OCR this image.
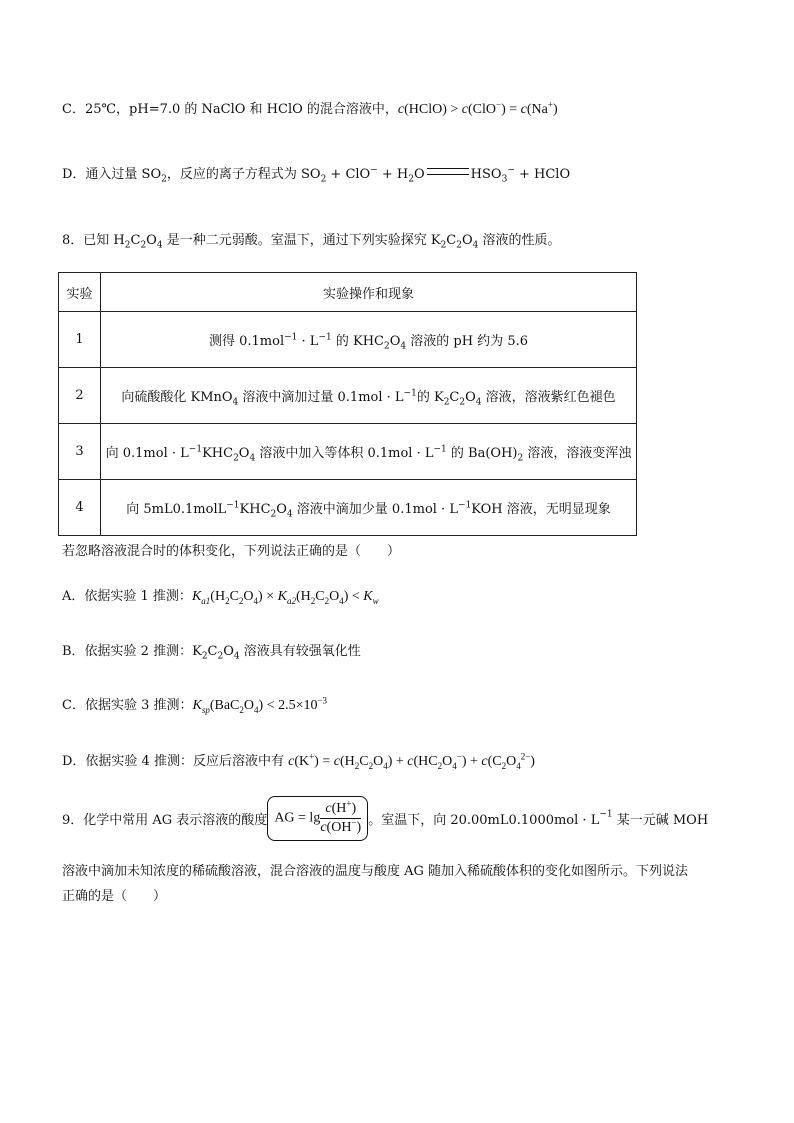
C．25℃，pH=7.0 的 NaClO 和 HClO 的混合溶液中，c(HClO) > c(ClO−) = c(Na+)
D．通入过量 $SO_2$，反应的离子方程式为 $SO_2 + ClO^- + H_2O$	$HSO_3^-$ + HClO
8．已知 $H_2C_2O_4$ 是一种二元弱酸。室温下，通过下列实验探究 $K_2C_2O_4$ 溶液的性质。
实验	实验操作和现象
1	测得 $0.1mol^{-1} \cdot L^{-1}$ 的 $KHC_2O_4$ 溶液的 pH 约为 5.6
2	向硫酸酸化 KMnO$_4$ 溶液中滴加过量 $0.1mol \cdot L^{-1}$的 $K_2C_2O_4$ 溶液，溶液紫红色褪色
3	向 $0.1mol \cdot L^{-1}KHC_2O_4$ 溶液中加入等体积 $0.1mol \cdot L^{-1}$ 的 $Ba(OH)_2$ 溶液，溶液变浑浊
4	向 $5mL0.1molL^{-1}KHC_2O_4$ 溶液中滴加少量 $0.1mol \cdot L^{-1}KOH$ 溶液，无明显现象
若忽略溶液混合时的体积变化，下列说法正确的是（　　）
A．依据实验 1 推测：$K_{a1}(H_2C_2O_4) \times K_{a2}(H_2C_2O_4) < K_w$
B．依据实验 2 推测：$K_2C_2O_4$ 溶液具有较强氧化性
C．依据实验 3 推测：$K_{sp}(BaC_2O_4) < 2.5\times 10^{-3}$
D．依据实验 4 推测：反应后溶液中有 $c(K^+) = c(H_2C_2O_4) + c(HC_2O_4^-) + c(C_2O_4^{2-})$
9．化学中常用 AG 表示溶液的酸度 AG = $\lg \frac{c(H^+)}{c(OH^-)}$ 。室温下，向 $20.00mL0.1000mol \cdot L^{-1}$ 某一元碱 MOH
溶液中滴加未知浓度的稀硫酸溶液，混合溶液的温度与酸度 AG 随加入稀硫酸体积的变化如图所示。下列说法
正确的是（　　）
